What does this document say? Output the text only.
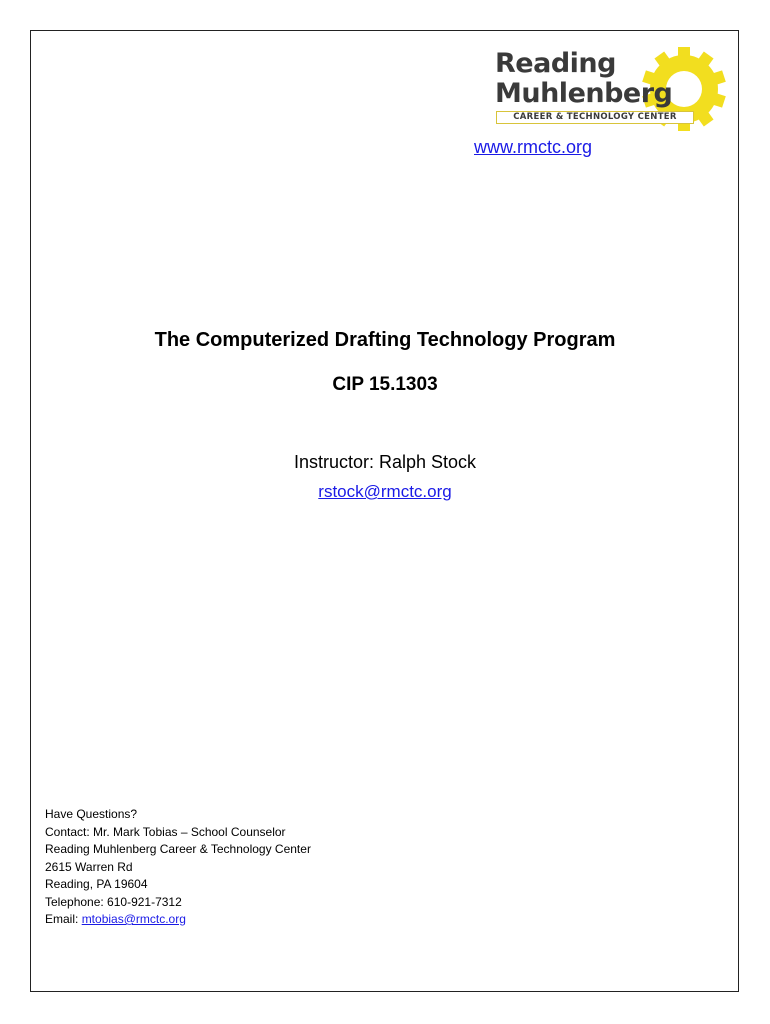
Reading
Muhlenberg
CAREER & TECHNOLOGY CENTER
www.rmctc.org
The Computerized Drafting Technology Program
CIP 15.1303
Instructor: Ralph Stock
rstock@rmctc.org
Have Questions?
Contact: Mr. Mark Tobias – School Counselor
Reading Muhlenberg Career & Technology Center
2615 Warren Rd
Reading, PA 19604
Telephone: 610-921-7312
Email: mtobias@rmctc.org
